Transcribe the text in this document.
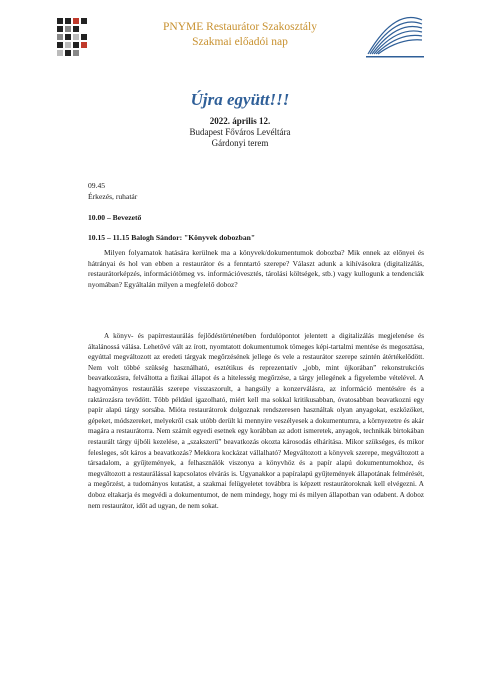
PNYME Restaurátor Szakosztály
Szakmai előadói nap
Újra együtt!!!
2022. április 12.
Budapest Főváros Levéltára
Gárdonyi terem
09.45
Érkezés, ruhatár
10.00 – Bevezető
10.15 – 11.15 Balogh Sándor: "Könyvek dobozban"
Milyen folyamatok hatására kerülnek ma a könyvek/dokumentumok dobozba? Mik ennek az előnyei és hátrányai és hol van ebben a restaurátor és a fenntartó szerepe? Választ adunk a kihívásokra (digitalizálás, restaurátorképzés, információtömeg vs. információvesztés, tárolási költségek, stb.) vagy kullogunk a tendenciák nyomában? Egyáltalán milyen a megfelelő doboz?
A könyv- és papírrestaurálás fejlődéstörténetében fordulópontot jelentett a digitalizálás megjelenése és általánossá válása. Lehetővé vált az írott, nyomtatott dokumentumok tömeges képi-tartalmi mentése és megosztása, egyúttal megváltozott az eredeti tárgyak megőrzésének jellege és vele a restaurátor szerepe szintén átértékelődött. Nem volt többé szükség használható, esztétikus és reprezentatív „jobb, mint újkorában” rekonstrukciós beavatkozásra, felváltotta a fizikai állapot és a hitelesség megőrzése, a tárgy jellegének a figyelembe vételével. A hagyományos restaurálás szerepe visszaszorult, a hangsúly a konzerválásra, az információ mentésére és a raktározásra tevődött. Több például igazolható, miért kell ma sokkal kritikusabban, óvatosabban beavatkozni egy papír alapú tárgy sorsába. Mióta restaurátorok dolgoznak rendszeresen használtak olyan anyagokat, eszközöket, gépeket, módszereket, melyekről csak utóbb derült ki mennyire veszélyesek a dokumentumra, a környezetre és akár magára a restaurátorra. Nem számít egyedi esetnek egy korábban az adott ismeretek, anyagok, technikák birtokában restaurált tárgy újbóli kezelése, a „szakszerű” beavatkozás okozta károsodás elhárítása. Mikor szükséges, és mikor felesleges, sőt káros a beavatkozás? Mekkora kockázat vállalható? Megváltozott a könyvek szerepe, megváltozott a társadalom, a gyűjtemények, a felhasználók viszonya a könyvhöz és a papír alapú dokumentumokhoz, és megváltozott a restaurálással kapcsolatos elvárás is. Ugyanakkor a papíralapú gyűjtemények állapotának felmérését, a megőrzést, a tudományos kutatást, a szakmai felügyeletet továbbra is képzett restaurátoroknak kell elvégezni. A doboz eltakarja és megvédi a dokumentumot, de nem mindegy, hogy mi és milyen állapotban van odabent. A doboz nem restaurátor, időt ad ugyan, de nem sokat.
